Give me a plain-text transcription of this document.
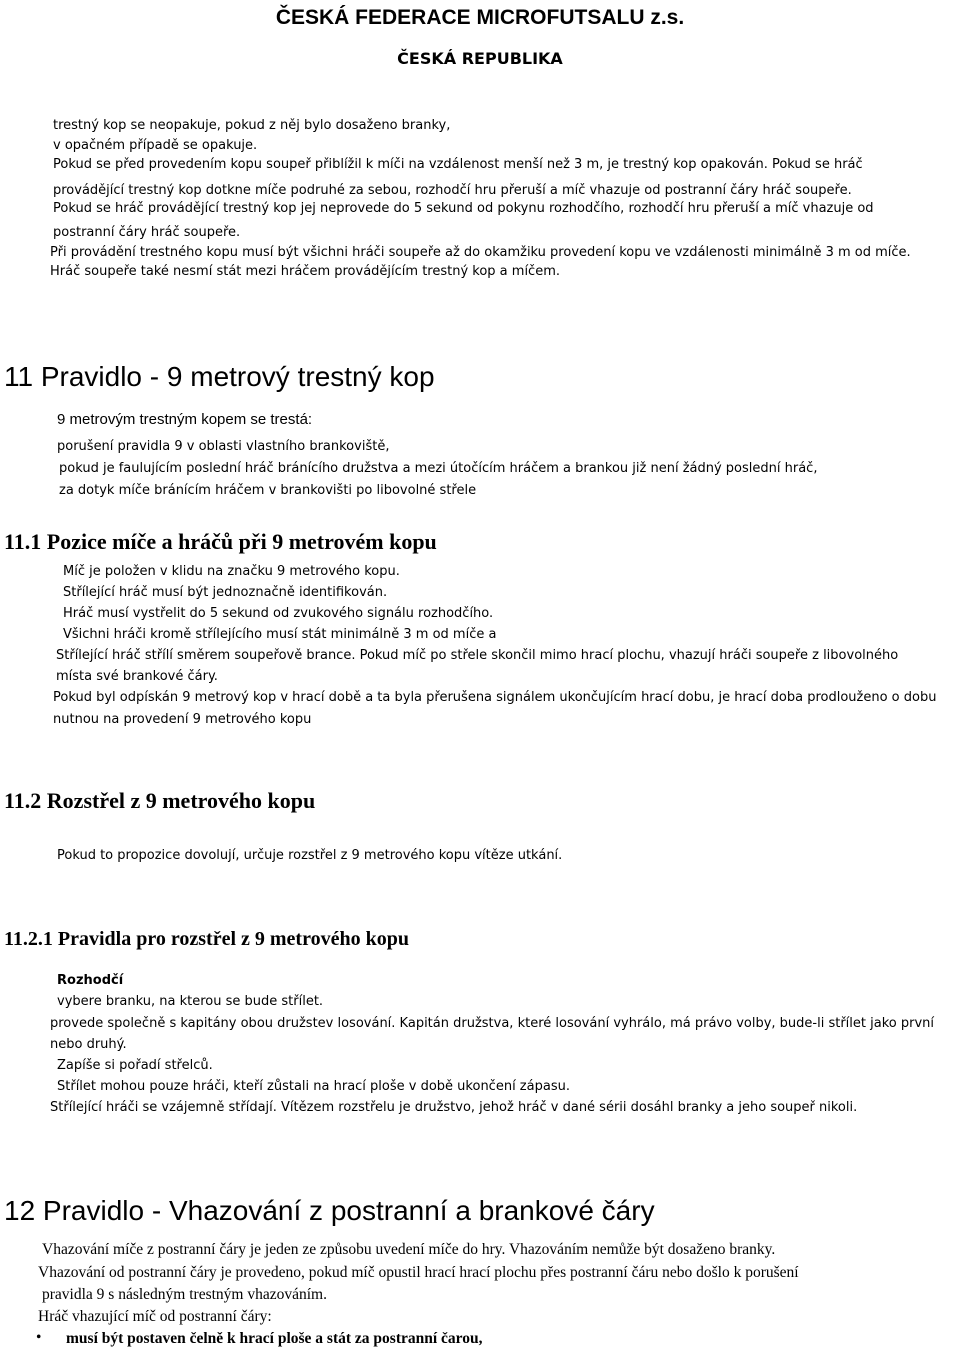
ČESKÁ FEDERACE MICROFUTSALU z.s.
ČESKÁ REPUBLIKA
trestný kop se neopakuje, pokud z něj bylo dosaženo branky,
v opačném případě se opakuje.
Pokud se před provedením kopu soupeř přiblížil k míči na vzdálenost menší než 3 m, je trestný kop opakován. Pokud se hráč
provádějící trestný kop dotkne míče podruhé za sebou, rozhodčí hru přeruší a míč vhazuje od postranní čáry hráč soupeře.
Pokud se hráč provádějící trestný kop jej neprovede do 5 sekund od pokynu rozhodčího, rozhodčí hru přeruší a míč vhazuje od
postranní čáry hráč soupeře.
Při provádění trestného kopu musí být všichni hráči soupeře až do okamžiku provedení kopu ve vzdálenosti minimálně 3 m od míče.
Hráč soupeře také nesmí stát mezi hráčem provádějícím trestný kop a míčem.
11 Pravidlo - 9 metrový trestný kop
9 metrovým trestným kopem se trestá:
porušení pravidla 9 v oblasti vlastního brankoviště,
pokud je faulujícím poslední hráč bránícího družstva a mezi útočícím hráčem a brankou již není žádný poslední hráč,
za dotyk míče bránícím hráčem v brankovišti po libovolné střele
11.1 Pozice míče a hráčů při 9 metrovém kopu
Míč je položen v klidu na značku 9 metrového kopu.
Střílející hráč musí být jednoznačně identifikován.
Hráč musí vystřelit do 5 sekund od zvukového signálu rozhodčího.
Všichni hráči kromě střílejícího musí stát minimálně 3 m od míče a
Střílející hráč střílí směrem soupeřově brance. Pokud míč po střele skončil mimo hrací plochu, vhazují hráči soupeře z libovolného
místa své brankové čáry.
Pokud byl odpískán 9 metrový kop v hrací době a ta byla přerušena signálem ukončujícím hrací dobu, je hrací doba prodlouženo o dobu
nutnou na provedení 9 metrového kopu
11.2 Rozstřel z 9 metrového kopu
Pokud to propozice dovolují, určuje rozstřel z 9 metrového kopu vítěze utkání.
11.2.1 Pravidla pro rozstřel z 9 metrového kopu
Rozhodčí
vybere branku, na kterou se bude střílet.
provede společně s kapitány obou družstev losování. Kapitán družstva, které losování vyhrálo, má právo volby, bude-li střílet jako první
nebo druhý.
Zapíše si pořadí střelců.
Střílet mohou pouze hráči, kteří zůstali na hrací ploše v době ukončení zápasu.
Střílející hráči se vzájemně střídají. Vítězem rozstřelu je družstvo, jehož hráč v dané sérii dosáhl branky a jeho soupeř nikoli.
12 Pravidlo - Vhazování z postranní a brankové čáry
Vhazování míče z postranní čáry je jeden ze způsobu uvedení míče do hry. Vhazováním nemůže být dosaženo branky.
Vhazování od postranní čáry je provedeno, pokud míč opustil hrací hrací plochu přes postranní čáru nebo došlo k porušení
pravidla 9 s následným trestným vhazováním.
Hráč vhazující míč od postranní čáry:
• musí být postaven čelně k hrací ploše a stát za postranní čarou,
